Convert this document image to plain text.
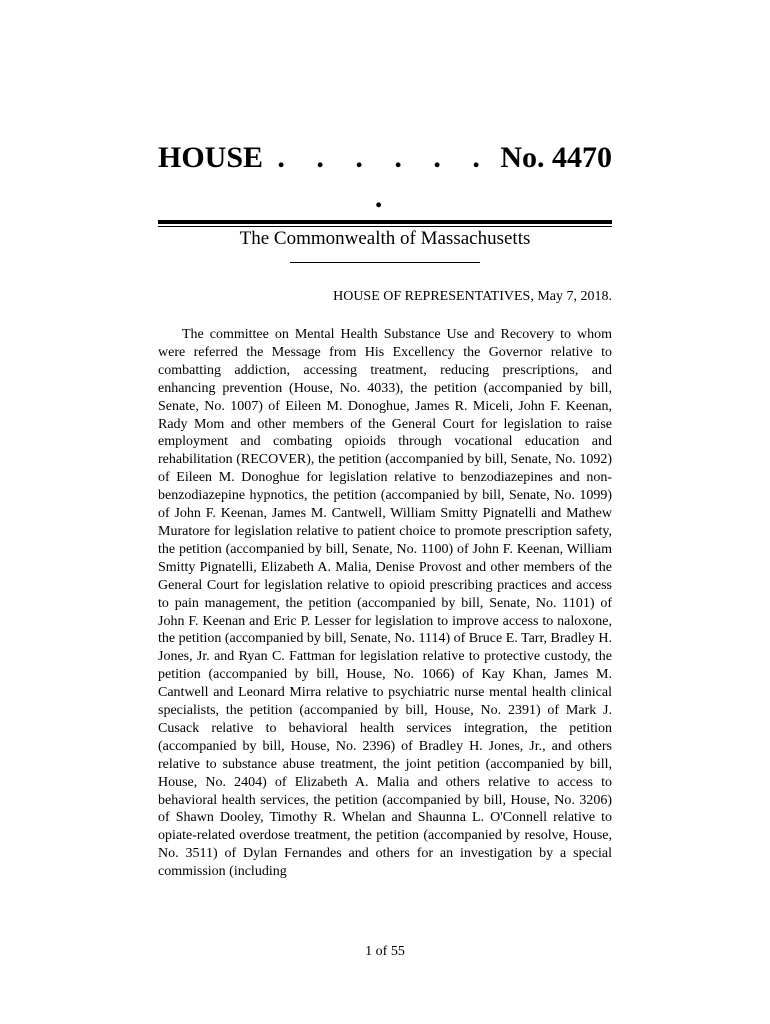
HOUSE . . . . . . .
No. 4470
The Commonwealth of Massachusetts
HOUSE OF REPRESENTATIVES, May 7, 2018.

The committee on Mental Health Substance Use and Recovery to whom were referred the Message from His Excellency the Governor relative to combatting addiction, accessing treatment, reducing prescriptions, and enhancing prevention (House, No. 4033), the petition (accompanied by bill, Senate, No. 1007) of Eileen M. Donoghue, James R. Miceli, John F. Keenan, Rady Mom and other members of the General Court for legislation to raise employment and combating opioids through vocational education and rehabilitation (RECOVER), the petition (accompanied by bill, Senate, No. 1092) of Eileen M. Donoghue for legislation relative to benzodiazepines and non-benzodiazepine hypnotics, the petition (accompanied by bill, Senate, No. 1099) of John F. Keenan, James M. Cantwell, William Smitty Pignatelli and Mathew Muratore for legislation relative to patient choice to promote prescription safety, the petition (accompanied by bill, Senate, No. 1100) of John F. Keenan, William Smitty Pignatelli, Elizabeth A. Malia, Denise Provost and other members of the General Court for legislation relative to opioid prescribing practices and access to pain management, the petition (accompanied by bill, Senate, No. 1101) of John F. Keenan and Eric P. Lesser for legislation to improve access to naloxone, the petition (accompanied by bill, Senate, No. 1114) of Bruce E. Tarr, Bradley H. Jones, Jr. and Ryan C. Fattman for legislation relative to protective custody, the petition (accompanied by bill, House, No. 1066) of Kay Khan, James M. Cantwell and Leonard Mirra relative to psychiatric nurse mental health clinical specialists, the petition (accompanied by bill, House, No. 2391) of Mark J. Cusack relative to behavioral health services integration, the petition (accompanied by bill, House, No. 2396) of Bradley H. Jones, Jr., and others relative to substance abuse treatment, the joint petition (accompanied by bill, House, No. 2404) of Elizabeth A. Malia and others relative to access to behavioral health services, the petition (accompanied by bill, House, No. 3206) of Shawn Dooley, Timothy R. Whelan and Shaunna L. O'Connell relative to opiate-related overdose treatment, the petition (accompanied by resolve, House, No. 3511) of Dylan Fernandes and others for an investigation by a special commission (including

1 of 55
